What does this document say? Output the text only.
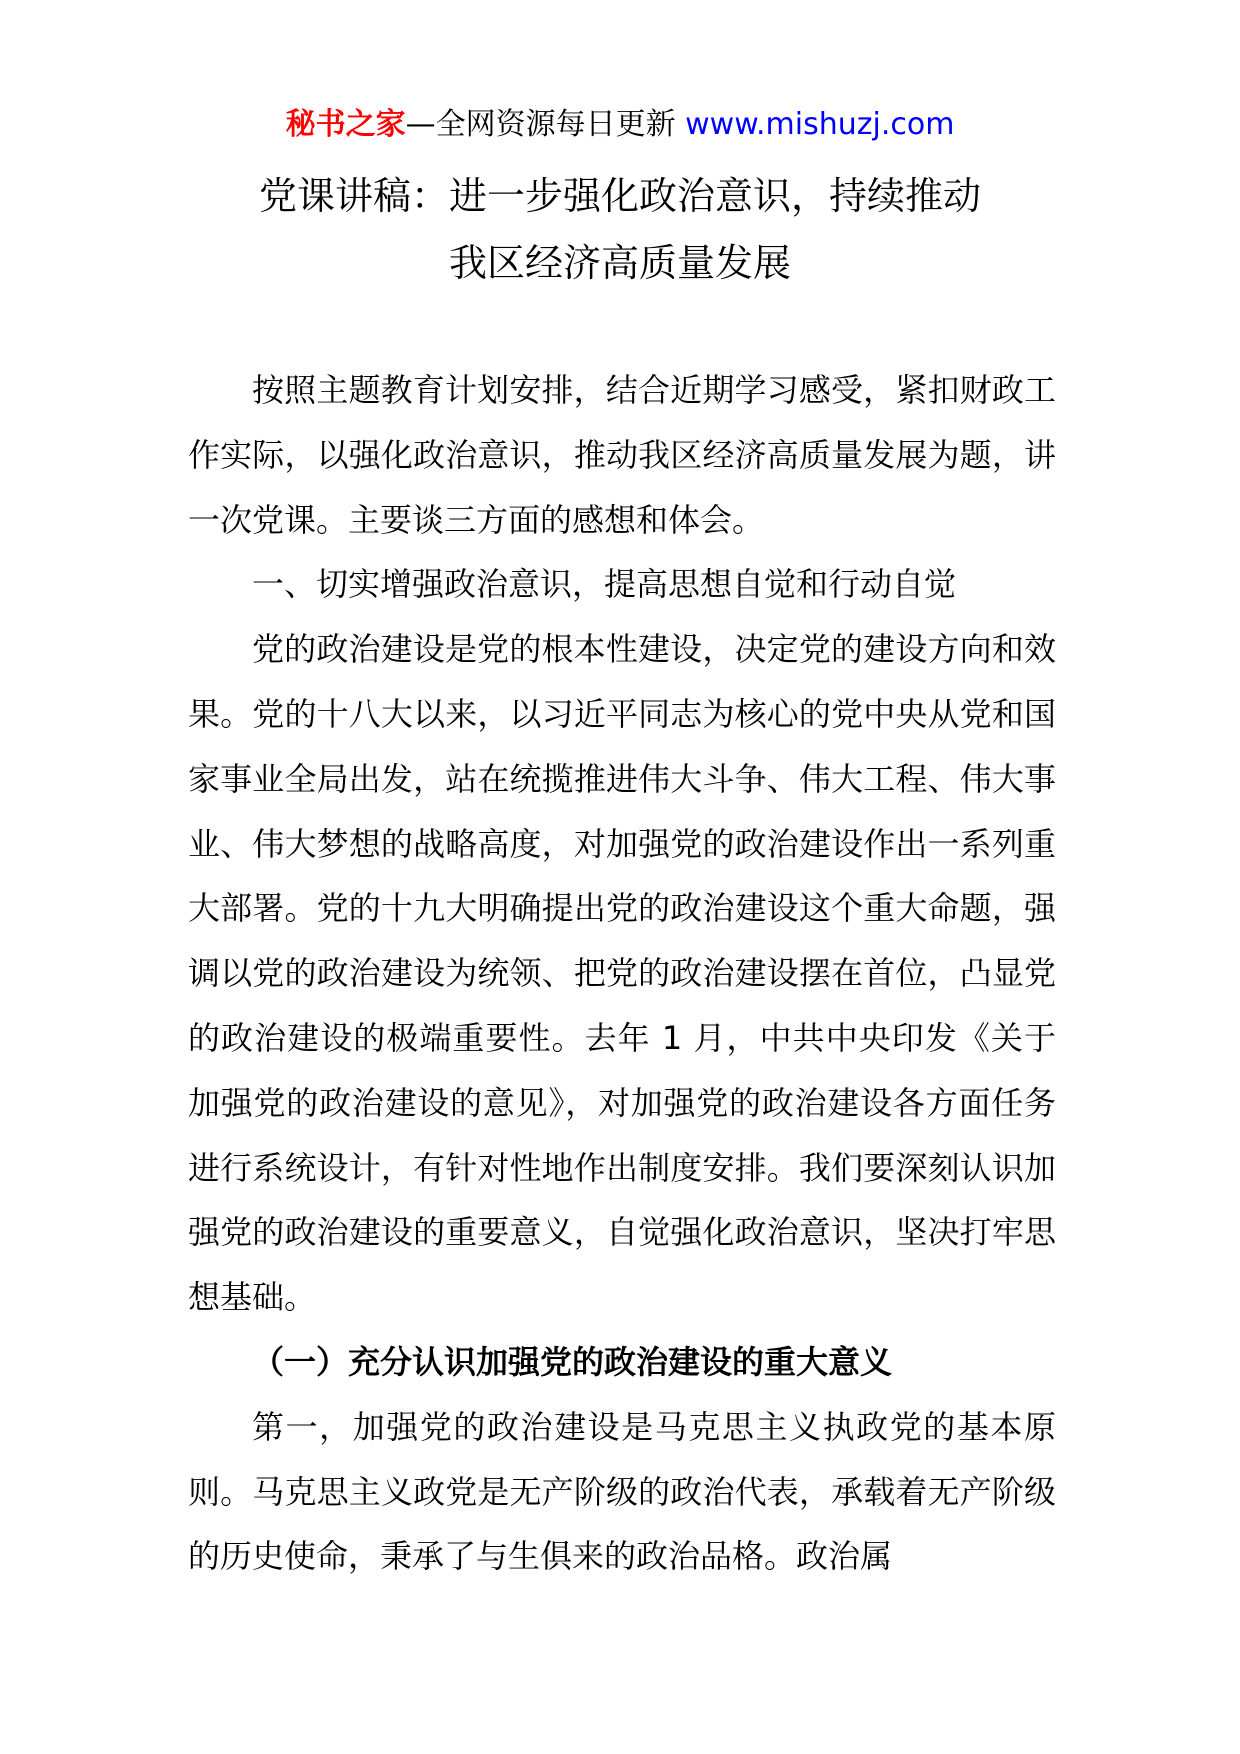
秘书之家—全网资源每日更新 www.mishuzj.com
党课讲稿：进一步强化政治意识，持续推动
我区经济高质量发展

按照主题教育计划安排，结合近期学习感受，紧扣财政工作实际，以强化政治意识，推动我区经济高质量发展为题，讲一次党课。主要谈三方面的感想和体会。

一、切实增强政治意识，提高思想自觉和行动自觉

党的政治建设是党的根本性建设，决定党的建设方向和效果。党的十八大以来，以习近平同志为核心的党中央从党和国家事业全局出发，站在统揽推进伟大斗争、伟大工程、伟大事业、伟大梦想的战略高度，对加强党的政治建设作出一系列重大部署。党的十九大明确提出党的政治建设这个重大命题，强调以党的政治建设为统领、把党的政治建设摆在首位，凸显党的政治建设的极端重要性。去年 1 月，中共中央印发《关于加强党的政治建设的意见》，对加强党的政治建设各方面任务进行系统设计，有针对性地作出制度安排。我们要深刻认识加强党的政治建设的重要意义，自觉强化政治意识，坚决打牢思想基础。

（一）充分认识加强党的政治建设的重大意义

第一，加强党的政治建设是马克思主义执政党的基本原则。马克思主义政党是无产阶级的政治代表，承载着无产阶级的历史使命，秉承了与生俱来的政治品格。政治属
